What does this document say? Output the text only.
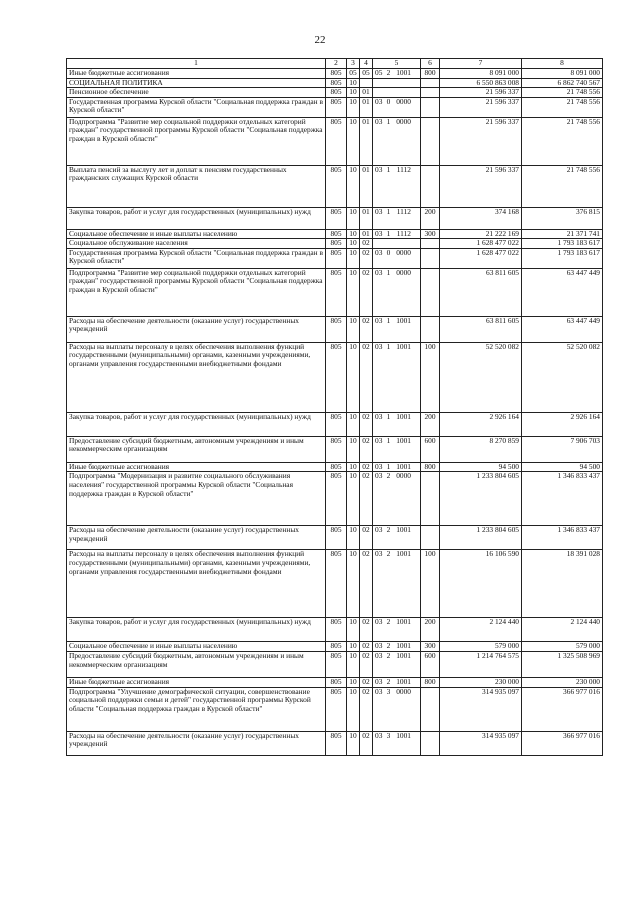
22
1	2	3	4	5	6	7	8
Иные бюджетные ассигнования	805	05	05	05 2 1001	800	8 091 000	8 091 000
СОЦИАЛЬНАЯ ПОЛИТИКА	805	10				6 550 863 008	6 862 740 567
Пенсионное обеспечение	805	10	01			21 596 337	21 748 556
Государственная программа Курской области "Социальная поддержка граждан в Курской области"	805	10	01	03 0 0000		21 596 337	21 748 556
Подпрограмма "Развитие мер социальной поддержки отдельных категорий граждан" государственной программы Курской области "Социальная поддержка граждан в Курской области"	805	10	01	03 1 0000		21 596 337	21 748 556
Выплата пенсий за выслугу лет и доплат к пенсиям государственных гражданских служащих Курской области	805	10	01	03 1 1112		21 596 337	21 748 556
Закупка товаров, работ и услуг для государственных (муниципальных) нужд	805	10	01	03 1 1112	200	374 168	376 815
Социальное обеспечение и иные выплаты населению	805	10	01	03 1 1112	300	21 222 169	21 371 741
Социальное обслуживание населения	805	10	02			1 628 477 022	1 793 183 617
Государственная программа Курской области "Социальная поддержка граждан в Курской области"	805	10	02	03 0 0000		1 628 477 022	1 793 183 617
Подпрограмма "Развитие мер социальной поддержки отдельных категорий граждан" государственной программы Курской области "Социальная поддержка граждан в Курской области"	805	10	02	03 1 0000		63 811 605	63 447 449
Расходы на обеспечение деятельности (оказание услуг) государственных учреждений	805	10	02	03 1 1001		63 811 605	63 447 449
Расходы на выплаты персоналу в целях обеспечения выполнения функций государственными (муниципальными) органами, казенными учреждениями, органами управления государственными внебюджетными фондами	805	10	02	03 1 1001	100	52 520 082	52 520 082
Закупка товаров, работ и услуг для государственных (муниципальных) нужд	805	10	02	03 1 1001	200	2 926 164	2 926 164
Предоставление субсидий бюджетным, автономным учреждениям и иным некоммерческим организациям	805	10	02	03 1 1001	600	8 270 859	7 906 703
Иные бюджетные ассигнования	805	10	02	03 1 1001	800	94 500	94 500
Подпрограмма "Модернизация и развитие социального обслуживания населения" государственной программы Курской области "Социальная поддержка граждан в Курской области"	805	10	02	03 2 0000		1 233 804 605	1 346 833 437
Расходы на обеспечение деятельности (оказание услуг) государственных учреждений	805	10	02	03 2 1001		1 233 804 605	1 346 833 437
Расходы на выплаты персоналу в целях обеспечения выполнения функций государственными (муниципальными) органами, казенными учреждениями, органами управления государственными внебюджетными фондами	805	10	02	03 2 1001	100	16 106 590	18 391 028
Закупка товаров, работ и услуг для государственных (муниципальных) нужд	805	10	02	03 2 1001	200	2 124 440	2 124 440
Социальное обеспечение и иные выплаты населению	805	10	02	03 2 1001	300	579 000	579 000
Предоставление субсидий бюджетным, автономным учреждениям и иным некоммерческим организациям	805	10	02	03 2 1001	600	1 214 764 575	1 325 508 969
Иные бюджетные ассигнования	805	10	02	03 2 1001	800	230 000	230 000
Подпрограмма "Улучшение демографической ситуации, совершенствование социальной поддержки семьи и детей" государственной программы Курской области "Социальная поддержка граждан в Курской области"	805	10	02	03 3 0000		314 935 097	366 977 016
Расходы на обеспечение деятельности (оказание услуг) государственных учреждений	805	10	02	03 3 1001		314 935 097	366 977 016
